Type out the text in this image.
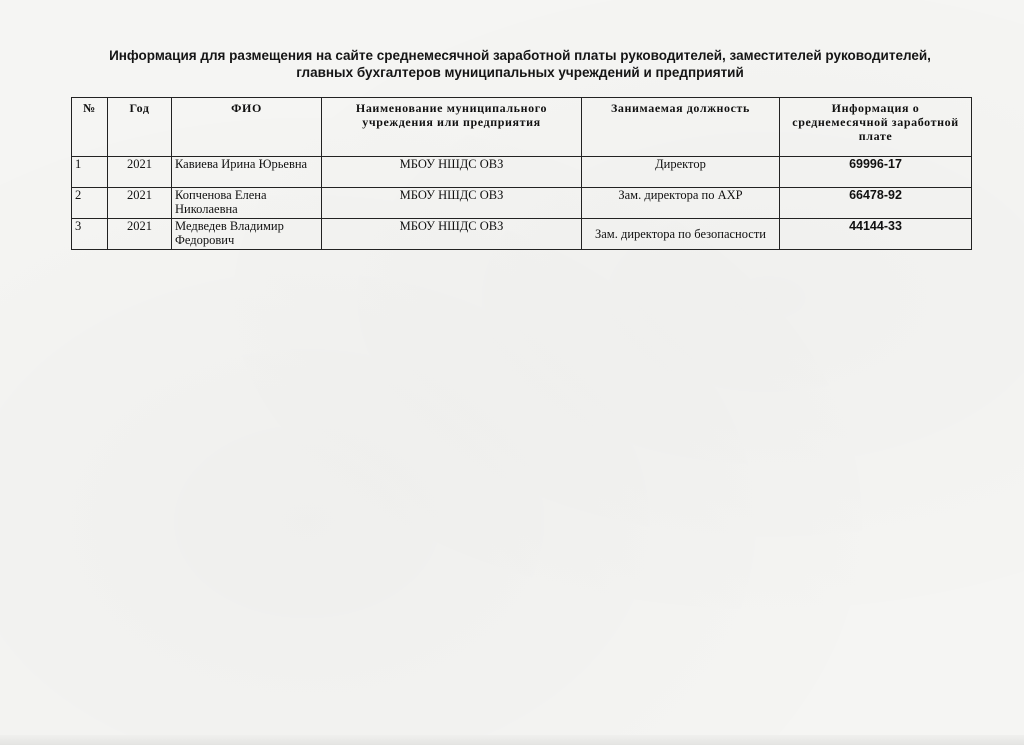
Информация для размещения на сайте среднемесячной заработной платы руководителей, заместителей руководителей, главных бухгалтеров муниципальных учреждений и предприятий
№	Год	ФИО	Наименование муниципального учреждения или предприятия	Занимаемая должность	Информация о среднемесячной заработной плате
1	2021	Кавиева Ирина Юрьевна	МБОУ НШДС ОВЗ	Директор	69996-17
2	2021	Копченова Елена Николаевна	МБОУ НШДС ОВЗ	Зам. директора по АХР	66478-92
3	2021	Медведев Владимир Федорович	МБОУ НШДС ОВЗ	Зам. директора по безопасности	44144-33
